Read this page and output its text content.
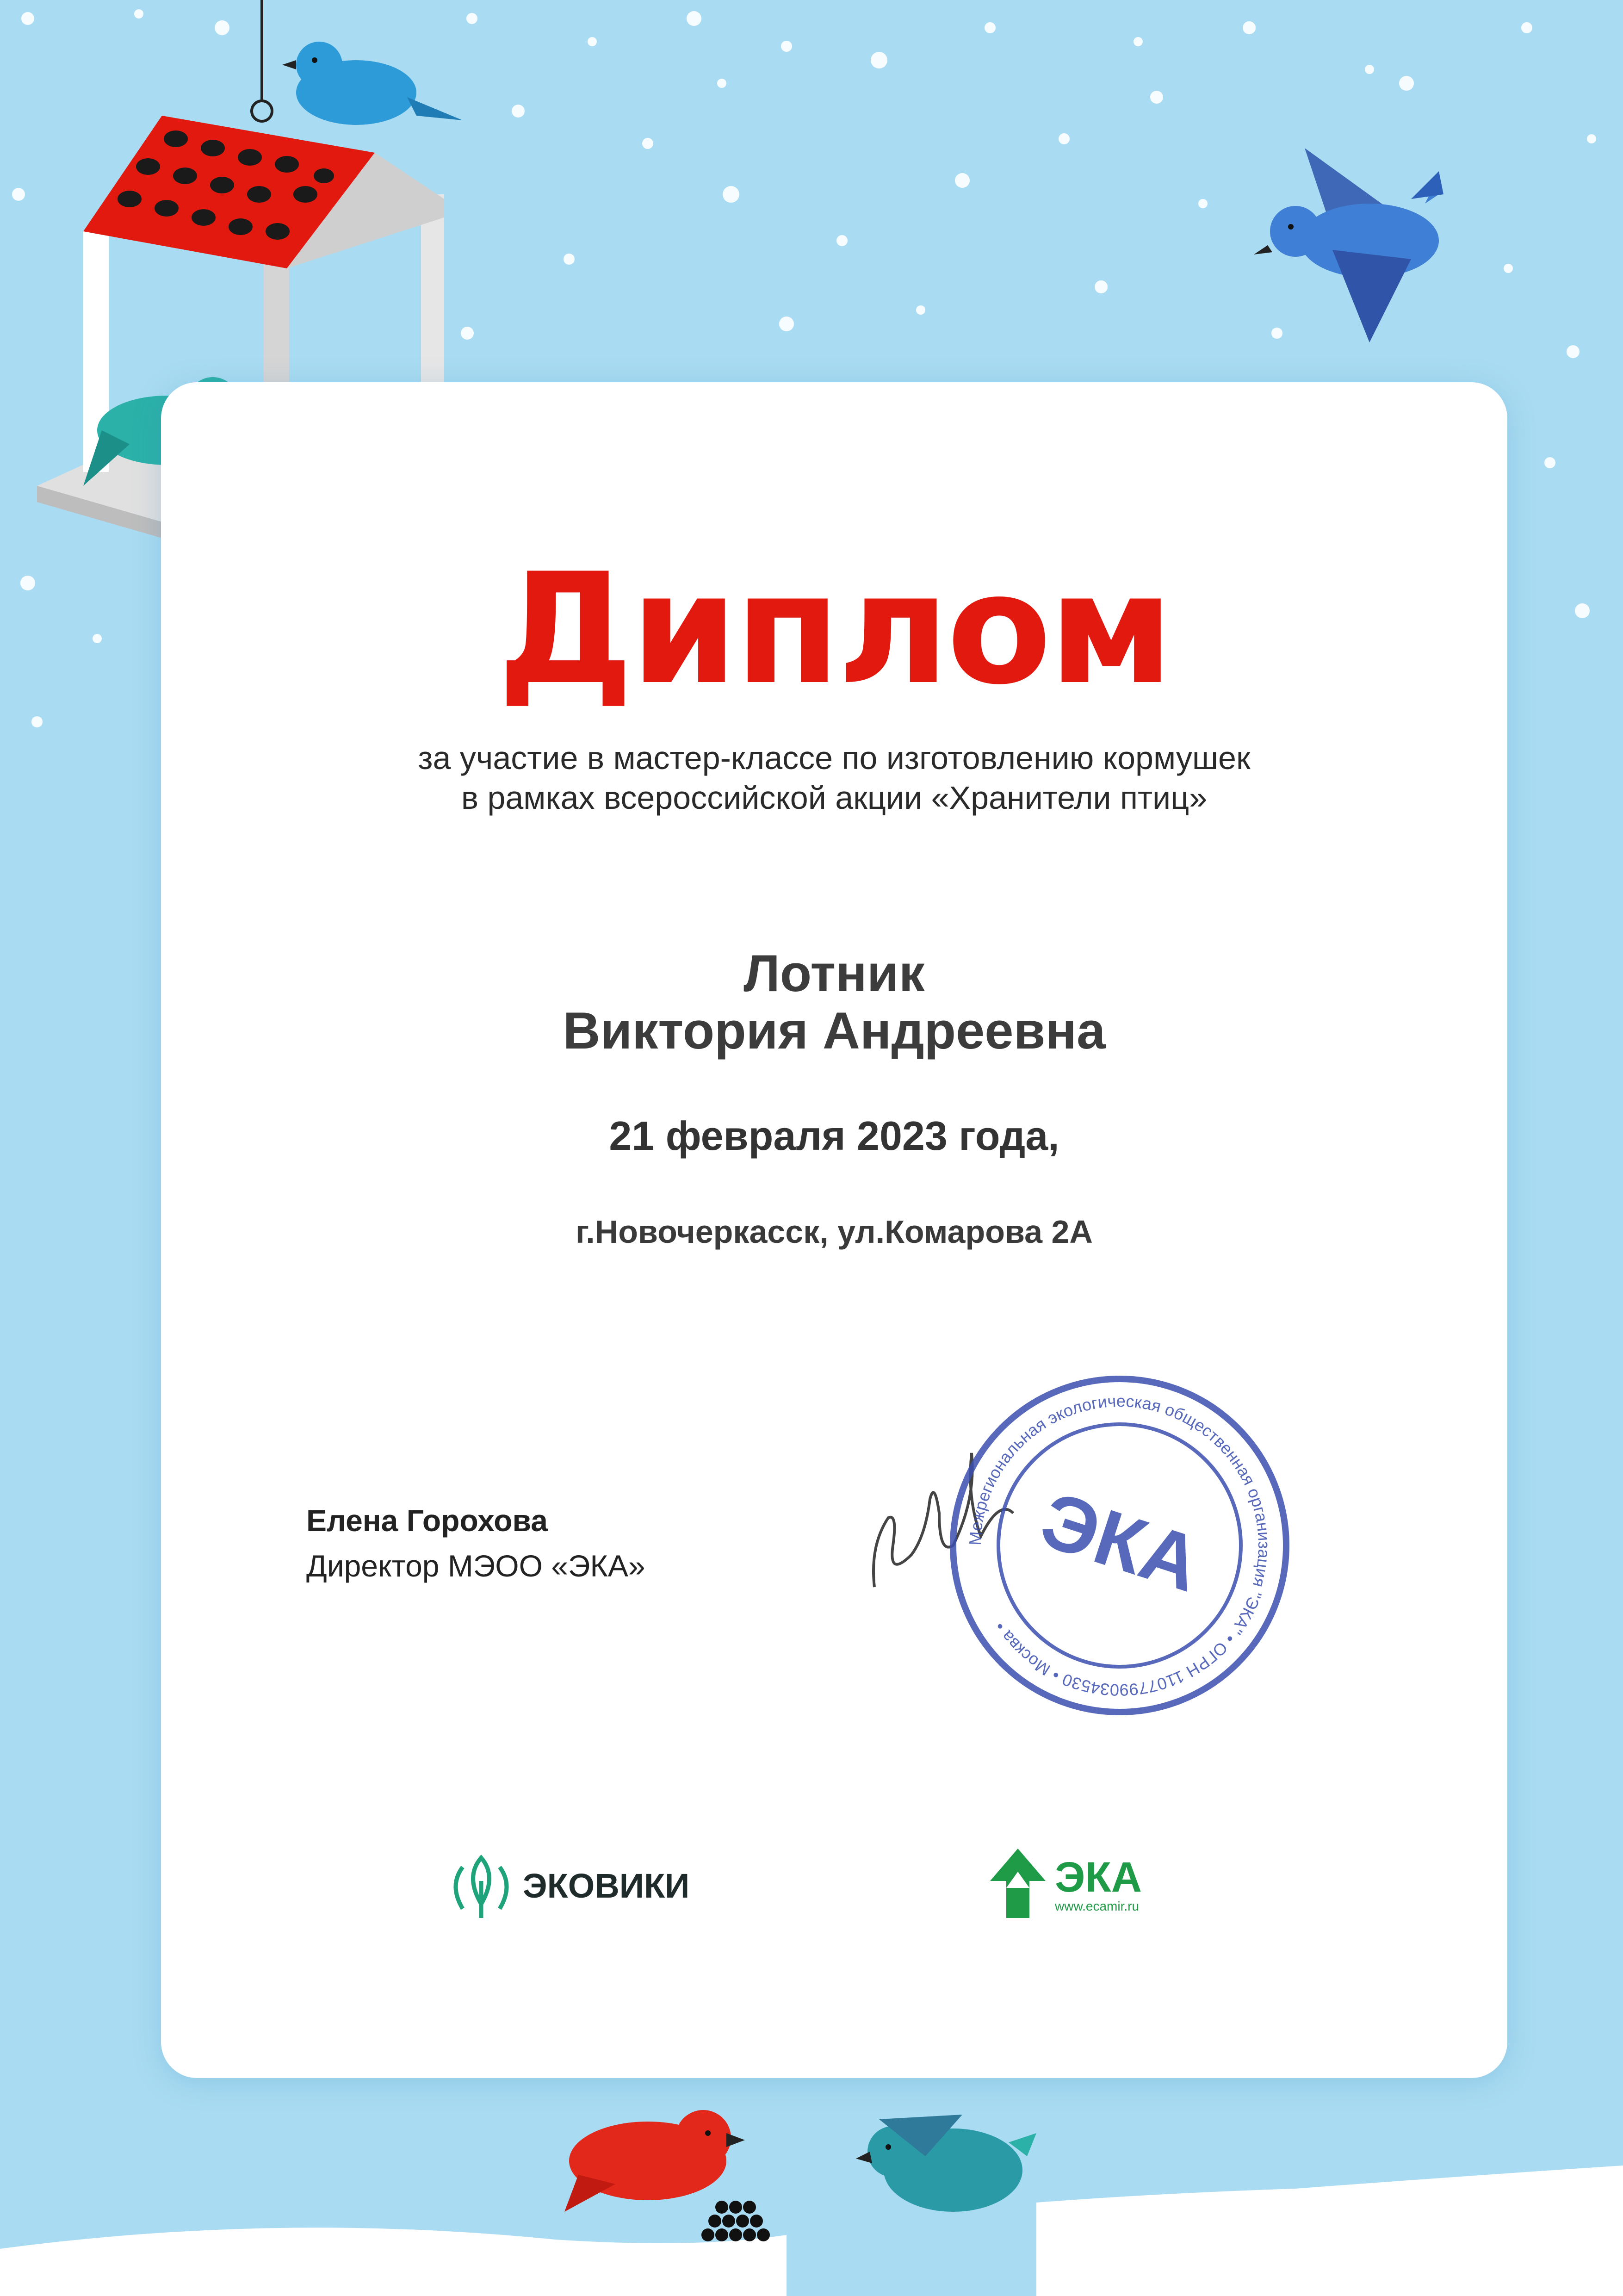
Диплом
за участие в мастер-классе по изготовлению кормушек
в рамках всероссийской акции «Хранители птиц»
Лотник
Виктория Андреевна
21 февраля 2023 года,
г.Новочеркасск, ул.Комарова 2А
Елена Горохова
Директор МЭОО «ЭКА»
Межрегиональная экологическая общественная организация "ЭКА" • ОГРН 1107799034530 • Москва •
ЭКА
ЭКОВИКИ	ЭКА
www.ecamir.ru
